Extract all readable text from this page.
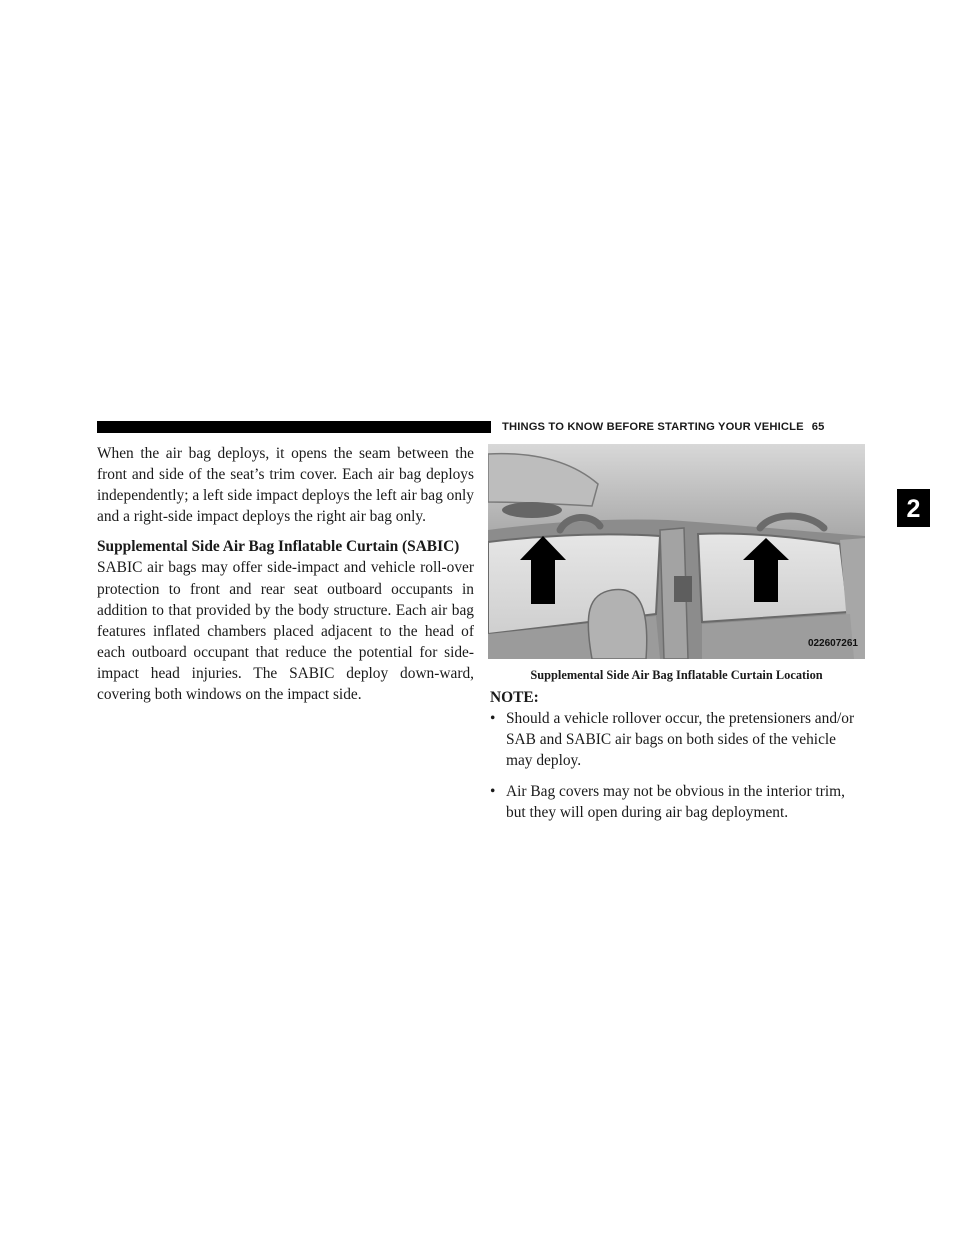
THINGS TO KNOW BEFORE STARTING YOUR VEHICLE 65
2

When the air bag deploys, it opens the seam between the front and side of the seat’s trim cover. Each air bag deploys independently; a left side impact deploys the left air bag only and a right-side impact deploys the right air bag only.

Supplemental Side Air Bag Inflatable Curtain (SABIC)

SABIC air bags may offer side-impact and vehicle roll-over protection to front and rear seat outboard occupants in addition to that provided by the body structure. Each air bag features inflated chambers placed adjacent to the head of each outboard occupant that reduce the potential for side-impact head injuries. The SABIC deploy down-ward, covering both windows on the impact side.

022607261
Supplemental Side Air Bag Inflatable Curtain Location
NOTE:
• Should a vehicle rollover occur, the pretensioners and/or SAB and SABIC air bags on both sides of the vehicle may deploy.
• Air Bag covers may not be obvious in the interior trim, but they will open during air bag deployment.
